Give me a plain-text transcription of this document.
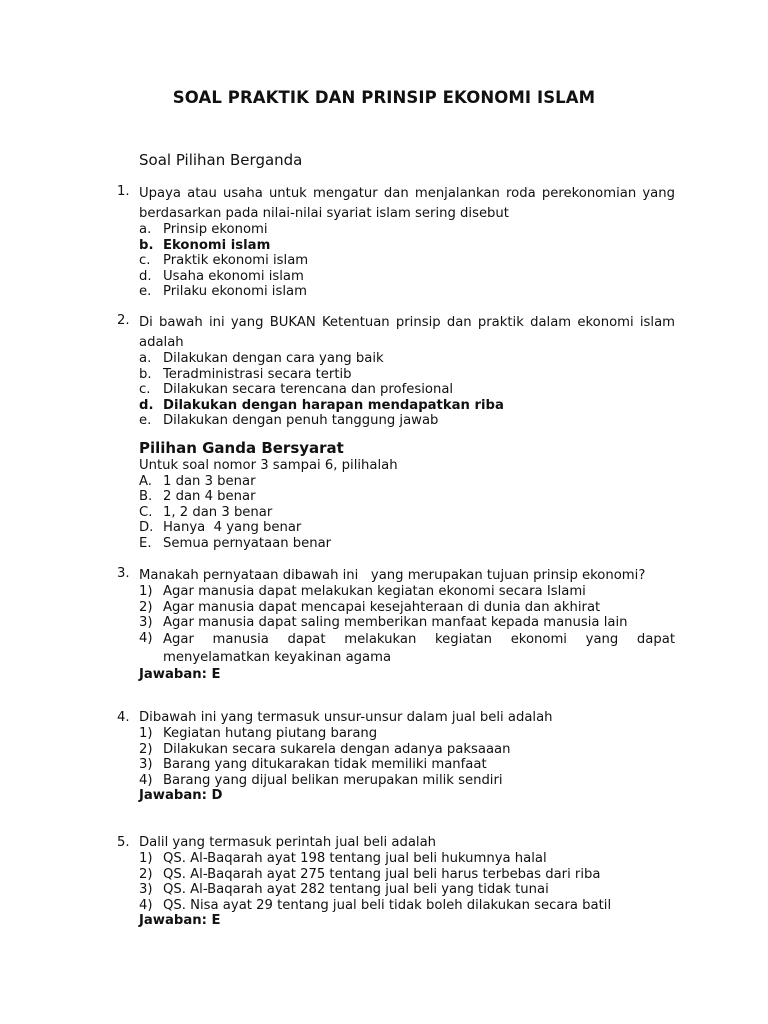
SOAL PRAKTIK DAN PRINSIP EKONOMI ISLAM
Soal Pilihan Berganda
1. Upaya atau usaha untuk mengatur dan menjalankan roda perekonomian yang berdasarkan pada nilai-nilai syariat islam sering disebut
a. Prinsip ekonomi
b. Ekonomi islam
c. Praktik ekonomi islam
d. Usaha ekonomi islam
e. Prilaku ekonomi islam
2. Di bawah ini yang BUKAN Ketentuan prinsip dan praktik dalam ekonomi islam adalah
a. Dilakukan dengan cara yang baik
b. Teradministrasi secara tertib
c. Dilakukan secara terencana dan profesional
d. Dilakukan dengan harapan mendapatkan riba
e. Dilakukan dengan penuh tanggung jawab
Pilihan Ganda Bersyarat
Untuk soal nomor 3 sampai 6, pilihalah
A. 1 dan 3 benar
B. 2 dan 4 benar
C. 1, 2 dan 3 benar
D. Hanya  4 yang benar
E. Semua pernyataan benar
3. Manakah pernyataan dibawah ini   yang merupakan tujuan prinsip ekonomi?
1) Agar manusia dapat melakukan kegiatan ekonomi secara Islami
2) Agar manusia dapat mencapai kesejahteraan di dunia dan akhirat
3) Agar manusia dapat saling memberikan manfaat kepada manusia lain
4) Agar manusia dapat melakukan kegiatan ekonomi yang dapat menyelamatkan keyakinan agama
Jawaban: E
4. Dibawah ini yang termasuk unsur-unsur dalam jual beli adalah
1) Kegiatan hutang piutang barang
2) Dilakukan secara sukarela dengan adanya paksaaan
3) Barang yang ditukarakan tidak memiliki manfaat
4) Barang yang dijual belikan merupakan milik sendiri
Jawaban: D
5. Dalil yang termasuk perintah jual beli adalah
1) QS. Al-Baqarah ayat 198 tentang jual beli hukumnya halal
2) QS. Al-Baqarah ayat 275 tentang jual beli harus terbebas dari riba
3) QS. Al-Baqarah ayat 282 tentang jual beli yang tidak tunai
4) QS. Nisa ayat 29 tentang jual beli tidak boleh dilakukan secara batil
Jawaban: E
